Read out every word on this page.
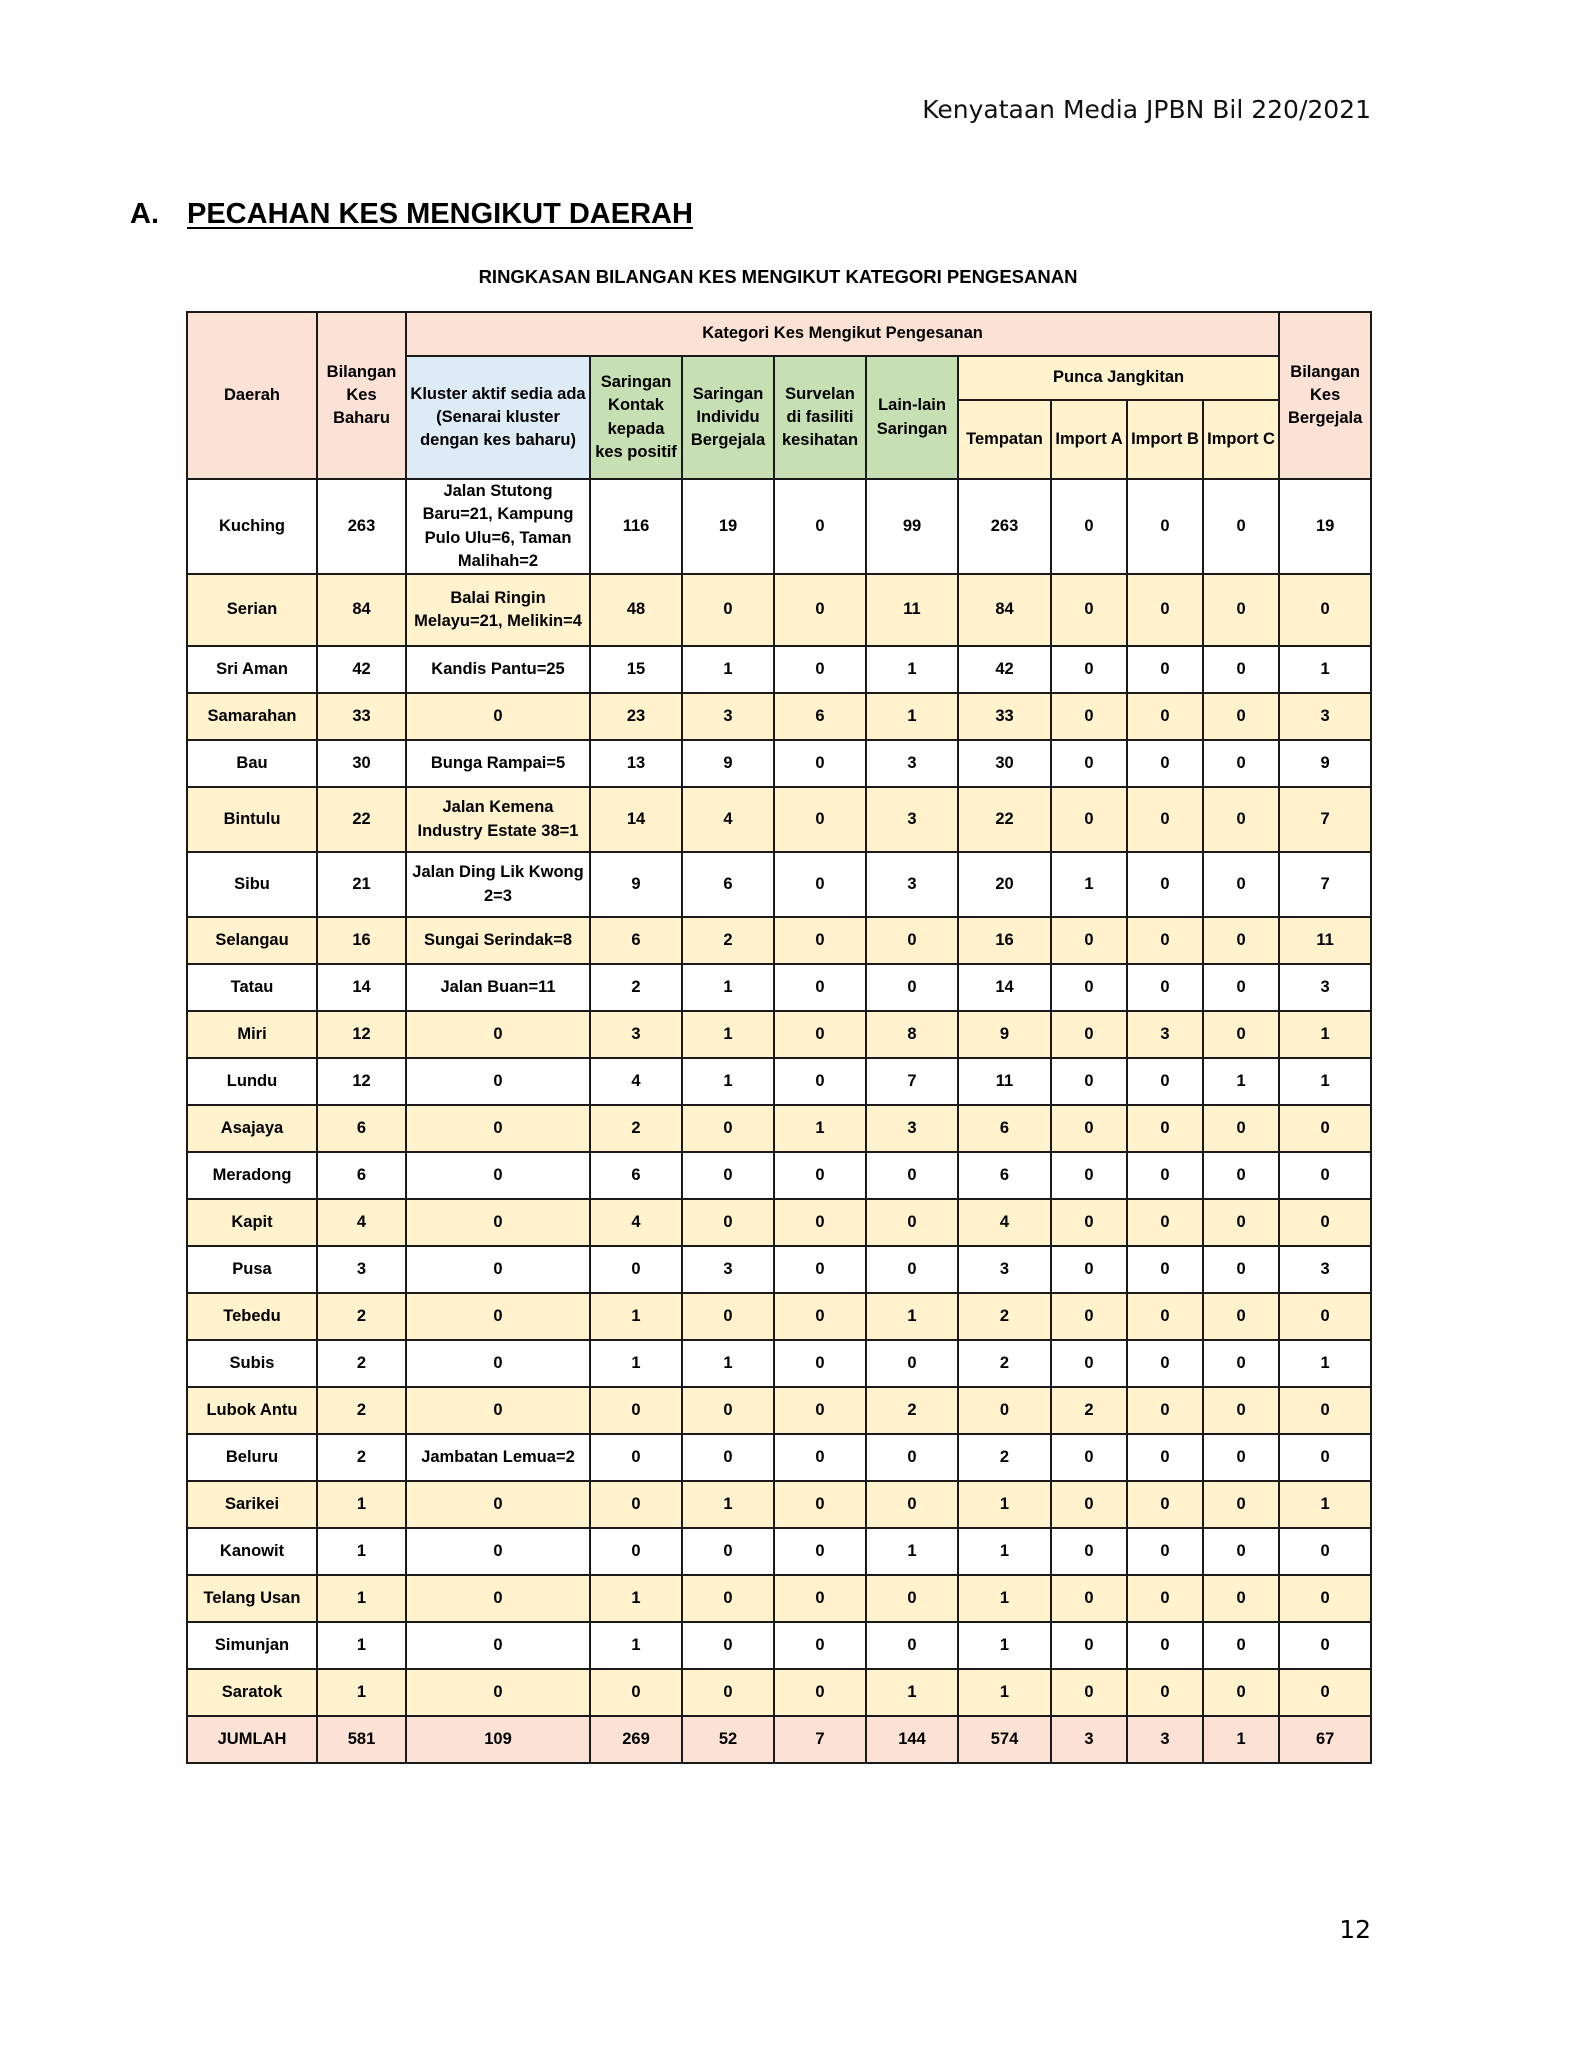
Kenyataan Media JPBN Bil 220/2021
A. PECAHAN KES MENGIKUT DAERAH
RINGKASAN BILANGAN KES MENGIKUT KATEGORI PENGESANAN
Daerah	Bilangan Kes Baharu	Kategori Kes Mengikut Pengesanan									Bilangan Kes Bergejala
		Kluster aktif sedia ada (Senarai kluster dengan kes baharu)	Saringan Kontak kepada kes positif	Saringan Individu Bergejala	Survelan di fasiliti kesihatan	Lain-lain Saringan	Punca Jangkitan				
							Tempatan	Import A	Import B	Import C	
Kuching	263	Jalan Stutong Baru=21, Kampung Pulo Ulu=6, Taman Malihah=2	116	19	0	99	263	0	0	0	19
Serian	84	Balai Ringin Melayu=21, Melikin=4	48	0	0	11	84	0	0	0	0
Sri Aman	42	Kandis Pantu=25	15	1	0	1	42	0	0	0	1
Samarahan	33	0	23	3	6	1	33	0	0	0	3
Bau	30	Bunga Rampai=5	13	9	0	3	30	0	0	0	9
Bintulu	22	Jalan Kemena Industry Estate 38=1	14	4	0	3	22	0	0	0	7
Sibu	21	Jalan Ding Lik Kwong 2=3	9	6	0	3	20	1	0	0	7
Selangau	16	Sungai Serindak=8	6	2	0	0	16	0	0	0	11
Tatau	14	Jalan Buan=11	2	1	0	0	14	0	0	0	3
Miri	12	0	3	1	0	8	9	0	3	0	1
Lundu	12	0	4	1	0	7	11	0	0	1	1
Asajaya	6	0	2	0	1	3	6	0	0	0	0
Meradong	6	0	6	0	0	0	6	0	0	0	0
Kapit	4	0	4	0	0	0	4	0	0	0	0
Pusa	3	0	0	3	0	0	3	0	0	0	3
Tebedu	2	0	1	0	0	1	2	0	0	0	0
Subis	2	0	1	1	0	0	2	0	0	0	1
Lubok Antu	2	0	0	0	0	2	0	2	0	0	0
Beluru	2	Jambatan Lemua=2	0	0	0	0	2	0	0	0	0
Sarikei	1	0	0	1	0	0	1	0	0	0	1
Kanowit	1	0	0	0	0	1	1	0	0	0	0
Telang Usan	1	0	1	0	0	0	1	0	0	0	0
Simunjan	1	0	1	0	0	0	1	0	0	0	0
Saratok	1	0	0	0	0	1	1	0	0	0	0
JUMLAH	581	109	269	52	7	144	574	3	3	1	67
12
